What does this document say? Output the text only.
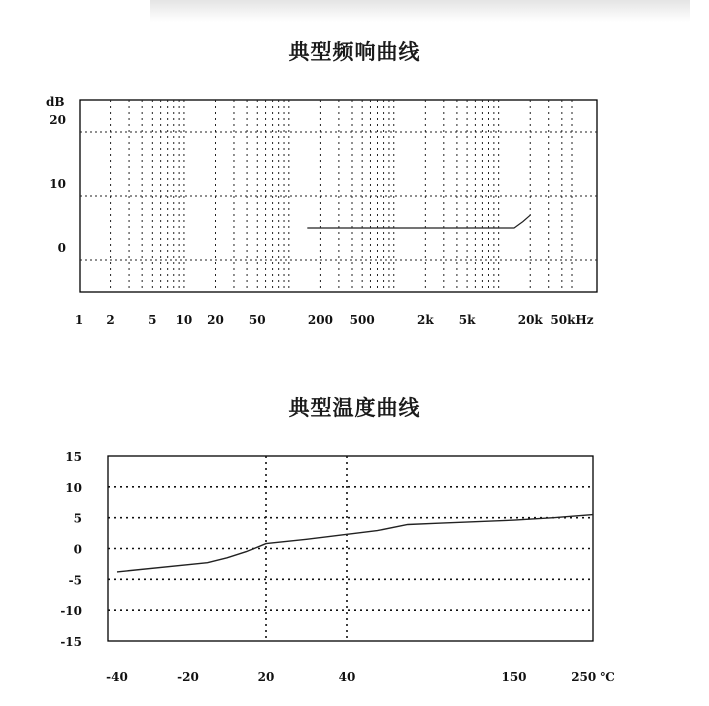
典型频响曲线
典型温度曲线
dB
0
10
20
1 2	5 10 20 50	200 500	2k 5k	20k 50kHz
15
10
5
0
-5
-10
-15
-40	-20	20	40	150	250 ℃
